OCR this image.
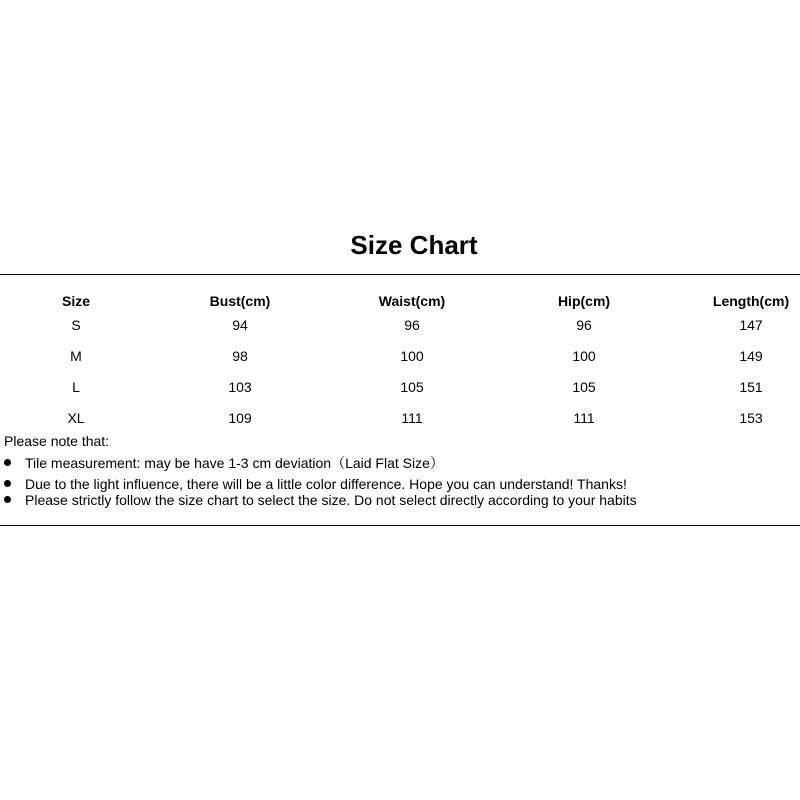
Size Chart
Size	Bust(cm)	Waist(cm)	Hip(cm)	Length(cm)
S	94	96	96	147
M	98	100	100	149
L	103	105	105	151
XL	109	111	111	153
Please note that:
Tile measurement: may be have 1-3 cm deviation（Laid Flat Size）
Due to the light influence, there will be a little color difference. Hope you can understand! Thanks!
Please strictly follow the size chart to select the size. Do not select directly according to your habits
